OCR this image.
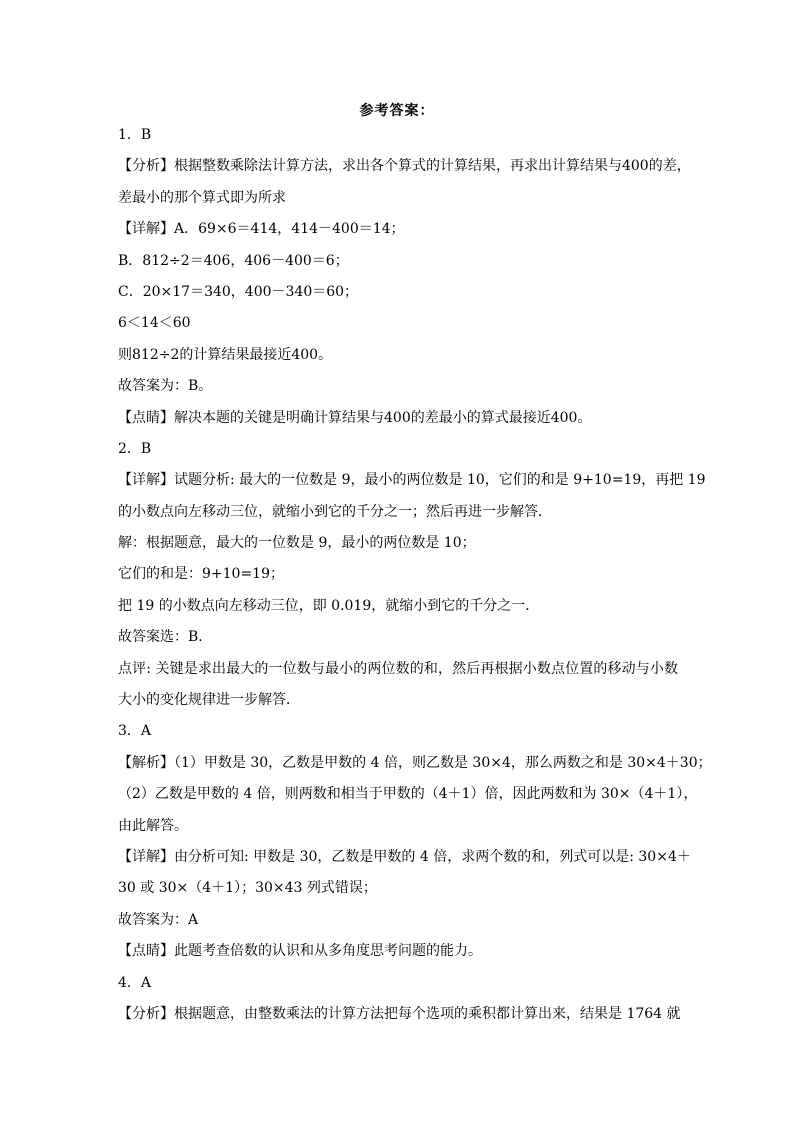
参考答案：
1．B
【分析】根据整数乘除法计算方法，求出各个算式的计算结果，再求出计算结果与400的差，
差最小的那个算式即为所求
【详解】A．69×6＝414，414－400＝14；
B．812÷2＝406，406－400＝6；
C．20×17＝340，400－340＝60；
6＜14＜60
则812÷2的计算结果最接近400。
故答案为：B。
【点睛】解决本题的关键是明确计算结果与400的差最小的算式最接近400。
2．B
【详解】试题分析: 最大的一位数是 9，最小的两位数是 10，它们的和是 9+10=19，再把 19
的小数点向左移动三位，就缩小到它的千分之一；然后再进一步解答．
解：根据题意，最大的一位数是 9，最小的两位数是 10；
它们的和是：9+10=19；
把 19 的小数点向左移动三位，即 0.019，就缩小到它的千分之一．
故答案选：B．
点评: 关键是求出最大的一位数与最小的两位数的和，然后再根据小数点位置的移动与小数
大小的变化规律进一步解答．
3．A
【解析】（1）甲数是 30，乙数是甲数的 4 倍，则乙数是 30×4，那么两数之和是 30×4＋30；
（2）乙数是甲数的 4 倍，则两数和相当于甲数的（4＋1）倍，因此两数和为 30×（4＋1），
由此解答。
【详解】由分析可知: 甲数是 30，乙数是甲数的 4 倍，求两个数的和，列式可以是: 30×4＋
30 或 30×（4＋1）；30×43 列式错误；
故答案为：A
【点睛】此题考查倍数的认识和从多角度思考问题的能力。
4．A
【分析】根据题意，由整数乘法的计算方法把每个选项的乘积都计算出来，结果是 1764 就
